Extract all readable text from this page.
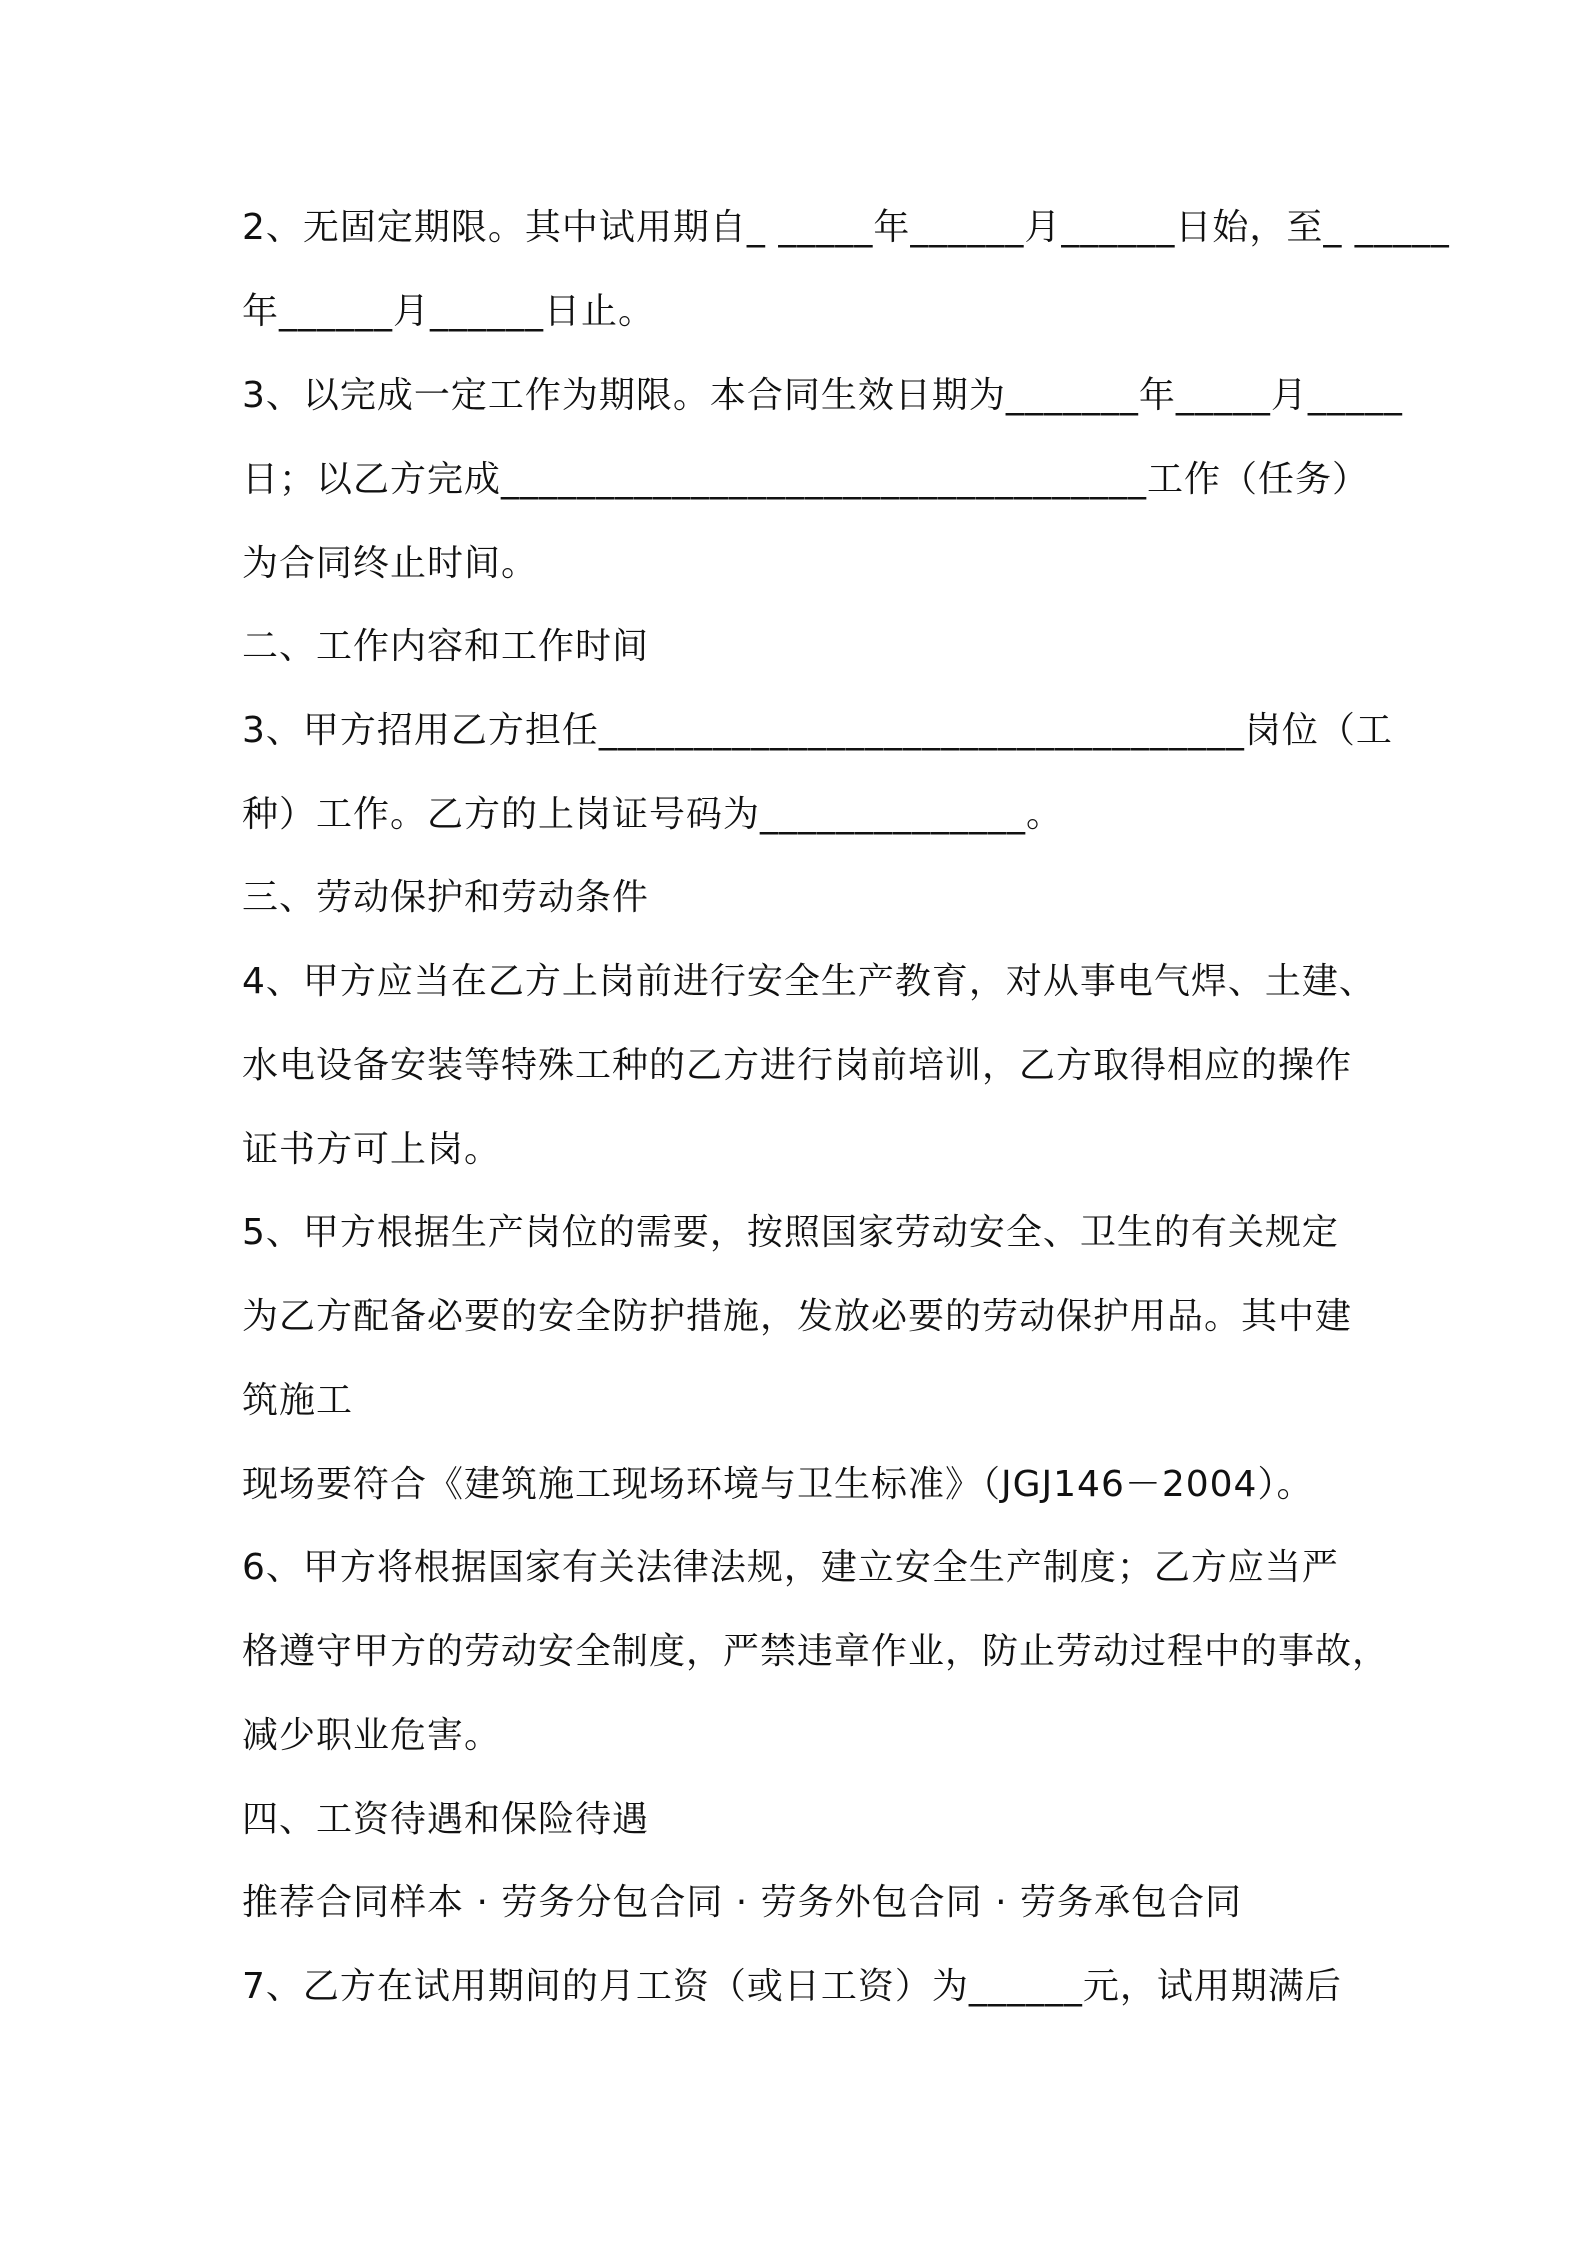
2、无固定期限。其中试用期自_ _____年______月______日始，至_ _____
年______月______日止。
3、以完成一定工作为期限。本合同生效日期为_______年_____月_____
日；以乙方完成__________________________________工作（任务）
为合同终止时间。
二、工作内容和工作时间
3、甲方招用乙方担任__________________________________岗位（工
种）工作。乙方的上岗证号码为______________。
三、劳动保护和劳动条件
4、甲方应当在乙方上岗前进行安全生产教育，对从事电气焊、土建、
水电设备安装等特殊工种的乙方进行岗前培训，乙方取得相应的操作
证书方可上岗。
5、甲方根据生产岗位的需要，按照国家劳动安全、卫生的有关规定
为乙方配备必要的安全防护措施，发放必要的劳动保护用品。其中建
筑施工
现场要符合《建筑施工现场环境与卫生标准》（JGJ146－2004）。
6、甲方将根据国家有关法律法规，建立安全生产制度；乙方应当严
格遵守甲方的劳动安全制度，严禁违章作业，防止劳动过程中的事故，
减少职业危害。
四、工资待遇和保险待遇
推荐合同样本 · 劳务分包合同 · 劳务外包合同 · 劳务承包合同
7、乙方在试用期间的月工资（或日工资）为______元，试用期满后
